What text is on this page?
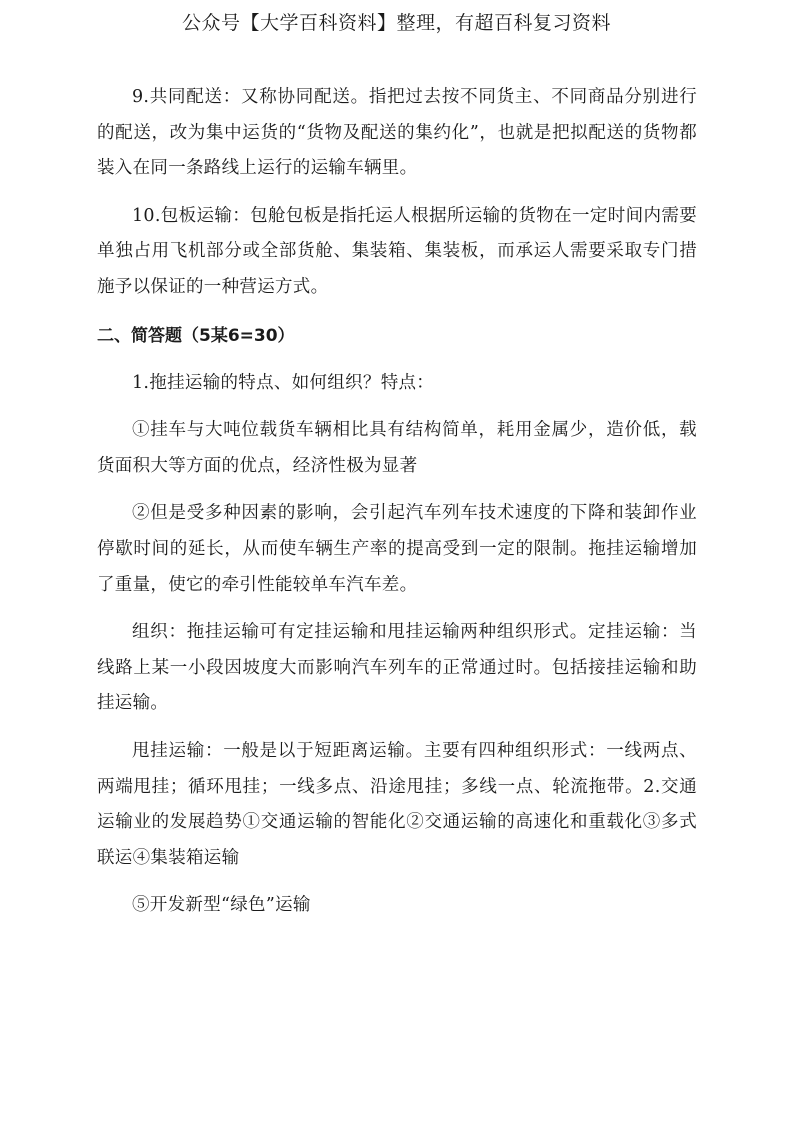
公众号【大学百科资料】整理，有超百科复习资料

9.共同配送：又称协同配送。指把过去按不同货主、不同商品分别进行的配送，改为集中运货的“货物及配送的集约化”，也就是把拟配送的货物都装入在同一条路线上运行的运输车辆里。

10.包板运输：包舱包板是指托运人根据所运输的货物在一定时间内需要单独占用飞机部分或全部货舱、集装箱、集装板，而承运人需要采取专门措施予以保证的一种营运方式。

二、简答题（5某6=30）

1.拖挂运输的特点、如何组织？特点：

①挂车与大吨位载货车辆相比具有结构简单，耗用金属少，造价低，载货面积大等方面的优点，经济性极为显著

②但是受多种因素的影响，会引起汽车列车技术速度的下降和装卸作业停歇时间的延长，从而使车辆生产率的提高受到一定的限制。拖挂运输增加了重量，使它的牵引性能较单车汽车差。

组织：拖挂运输可有定挂运输和甩挂运输两种组织形式。定挂运输：当线路上某一小段因坡度大而影响汽车列车的正常通过时。包括接挂运输和助挂运输。

甩挂运输：一般是以于短距离运输。主要有四种组织形式：一线两点、两端甩挂；循环甩挂；一线多点、沿途甩挂；多线一点、轮流拖带。2.交通运输业的发展趋势①交通运输的智能化②交通运输的高速化和重载化③多式联运④集装箱运输

⑤开发新型“绿色”运输
